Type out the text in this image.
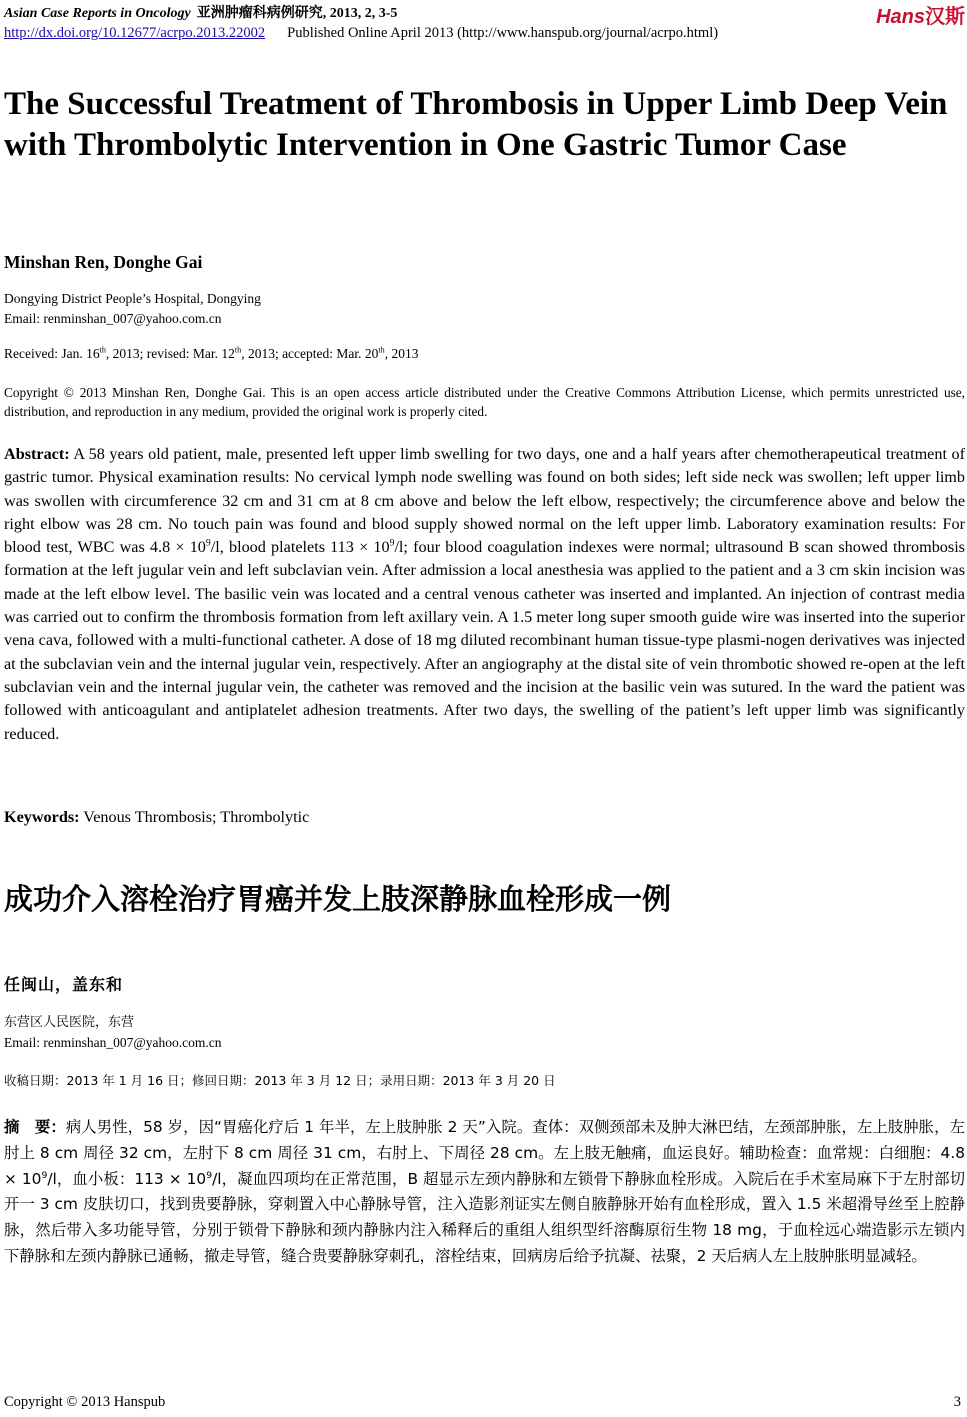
Asian Case Reports in Oncology 亚洲肿瘤科病例研究, 2013, 2, 3-5	Hans汉斯
http://dx.doi.org/10.12677/acrpo.2013.22002 Published Online April 2013 (http://www.hanspub.org/journal/acrpo.html)
The Successful Treatment of Thrombosis in Upper Limb Deep Vein with Thrombolytic Intervention in One Gastric Tumor Case
Minshan Ren, Donghe Gai
Dongying District People’s Hospital, Dongying
Email: renminshan_007@yahoo.com.cn
Received: Jan. 16th, 2013; revised: Mar. 12th, 2013; accepted: Mar. 20th, 2013
Copyright © 2013 Minshan Ren, Donghe Gai. This is an open access article distributed under the Creative Commons Attribution License, which permits unrestricted use, distribution, and reproduction in any medium, provided the original work is properly cited.
Abstract: A 58 years old patient, male, presented left upper limb swelling for two days, one and a half years after chemotherapeutical treatment of gastric tumor. Physical examination results: No cervical lymph node swelling was found on both sides; left side neck was swollen; left upper limb was swollen with circumference 32 cm and 31 cm at 8 cm above and below the left elbow, respectively; the circumference above and below the right elbow was 28 cm. No touch pain was found and blood supply showed normal on the left upper limb. Laboratory examination results: For blood test, WBC was $4.8 \times 10^9/l$, blood platelets $113 \times 10^9/l$; four blood coagulation indexes were normal; ultrasound B scan showed thrombosis formation at the left jugular vein and left subclavian vein. After admission a local anesthesia was applied to the patient and a 3 cm skin incision was made at the left elbow level. The basilic vein was located and a central venous catheter was inserted and implanted. An injection of contrast media was carried out to confirm the thrombosis formation from left axillary vein. A 1.5 meter long super smooth guide wire was inserted into the superior vena cava, followed with a multi-functional catheter. A dose of 18 mg diluted recombinant human tissue-type plasmi-nogen derivatives was injected at the subclavian vein and the internal jugular vein, respectively. After an angiography at the distal site of vein thrombotic showed re-open at the left subclavian vein and the internal jugular vein, the catheter was removed and the incision at the basilic vein was sutured. In the ward the patient was followed with anticoagulant and antiplatelet adhesion treatments. After two days, the swelling of the patient’s left upper limb was significantly reduced.
Keywords: Venous Thrombosis; Thrombolytic
成功介入溶栓治疗胃癌并发上肢深静脉血栓形成一例
任闽山，盖东和
东营区人民医院，东营
Email: renminshan_007@yahoo.com.cn
收稿日期：2013 年 1 月 16 日；修回日期：2013 年 3 月 12 日；录用日期：2013 年 3 月 20 日
摘　要：病人男性，58 岁，因“胃癌化疗后 1 年半，左上肢肿胀 2 天”入院。查体：双侧颈部未及肿大淋巴结，左颈部肿胀，左上肢肿胀，左肘上 8 cm 周径 32 cm，左肘下 8 cm 周径 31 cm，右肘上、下周径 28 cm。左上肢无触痛，血运良好。辅助检查：血常规：白细胞：$4.8 \times 10^9/l$，血小板：$113 \times 10^9/l$，凝血四项均在正常范围，B 超显示左颈内静脉和左锁骨下静脉血栓形成。入院后在手术室局麻下于左肘部切开一 3 cm 皮肤切口，找到贵要静脉，穿刺置入中心静脉导管，注入造影剂证实左侧自腋静脉开始有血栓形成，置入 1.5 米超滑导丝至上腔静脉，然后带入多功能导管，分别于锁骨下静脉和颈内静脉内注入稀释后的重组人组织型纤溶酶原衍生物 18 mg，于血栓远心端造影示左锁内下静脉和左颈内静脉已通畅，撤走导管，缝合贵要静脉穿刺孔，溶栓结束，回病房后给予抗凝、祛聚，2 天后病人左上肢肿胀明显减轻。
Copyright © 2013 Hanspub	3
